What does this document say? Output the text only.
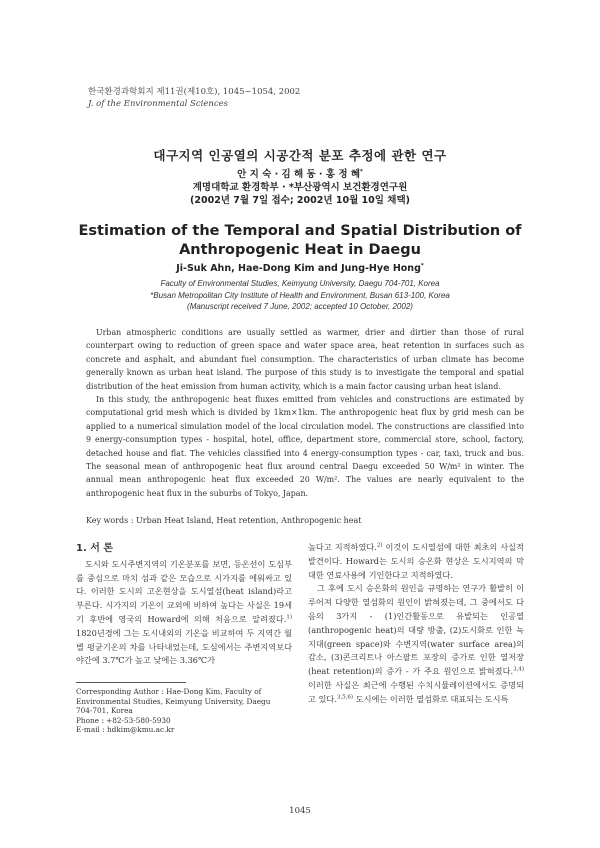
한국환경과학회지 제11권(제10호), 1045~1054, 2002
J. of the Environmental Sciences
대구지역 인공열의 시공간적 분포 추정에 관한 연구
안 지 숙 · 김 해 동 · 홍 정 혜*
계명대학교 환경학부 · *부산광역시 보건환경연구원
(2002년 7월 7일 접수; 2002년 10월 10일 채택)
Estimation of the Temporal and Spatial Distribution of
Anthropogenic Heat in Daegu
Ji-Suk Ahn, Hae-Dong Kim and Jung-Hye Hong*
Faculty of Environmental Studies, Keimyung University, Daegu 704-701, Korea
*Busan Metropolitan City Institute of Health and Environment, Busan 613-100, Korea
(Manuscript received 7 June, 2002; accepted 10 October, 2002)

Urban atmospheric conditions are usually settled as warmer, drier and dirtier than those of rural counterpart owing to reduction of green space and water space area, heat retention in surfaces such as concrete and asphalt, and abundant fuel consumption. The characteristics of urban climate has become generally known as urban heat island. The purpose of this study is to investigate the temporal and spatial distribution of the heat emission from human activity, which is a main factor causing urban heat island.

In this study, the anthropogenic heat fluxes emitted from vehicles and constructions are estimated by computational grid mesh which is divided by 1km×1km. The anthropogenic heat flux by grid mesh can be applied to a numerical simulation model of the local circulation model. The constructions are classified into 9 energy-consumption types - hospital, hotel, office, department store, commercial store, school, factory, detached house and flat. The vehicles classified into 4 energy-consumption types - car, taxi, truck and bus. The seasonal mean of anthropogenic heat flux around central Daegu exceeded 50 W/m² in winter. The annual mean anthropogenic heat flux exceeded 20 W/m². The values are nearly equivalent to the anthropogenic heat flux in the suburbs of Tokyo, Japan.

Key words : Urban Heat Island, Heat retention, Anthropogenic heat
1. 서 론

도시와 도시주변지역의 기온분포를 보면, 등온선이 도심부를 중심으로 마치 섬과 같은 모습으로 시가지를 에워싸고 있다. 이러한 도시의 고온현상을 도시열섬(heat island)라고 부른다. 시가지의 기온이 교외에 비하여 높다는 사실은 19세기 후반에 영국의 Howard에 의해 처음으로 알려졌다.$^{1)}$ 1820년경에 그는 도시내외의 기온을 비교하여 두 지역간 월별 평균기온의 차를 나타내었는데, 도심에서는 주변지역보다 야간에 3.7℃가 높고 낮에는 3.36℃가

Corresponding Author : Hae-Dong Kim, Faculty of Environmental Studies, Keimyung University, Daegu 704-701, Korea
Phone : +82-53-580-5930
E-mail : hdkim@kmu.ac.kr

높다고 지적하였다.$^{2)}$ 이것이 도시열섬에 대한 최초의 사실적 발견이다. Howard는 도시의 승온화 현상은 도시지역의 막대한 연료사용에 기인한다고 지적하였다.

그 후에 도시 승온화의 원인을 규명하는 연구가 활발히 이루어져 다양한 열섬화의 원인이 밝혀졌는데, 그 중에서도 다음의 3가지 - (1)인간활동으로 유발되는 인공열(anthropogenic heat)의 대량 방출, (2)도시화로 인한 녹지대(green space)와 수변지역(water surface area)의 감소, (3)콘크리트나 아스팔트 포장의 증가로 인한 열저장(heat retention)의 증가 - 가 주요 원인으로 밝혀졌다.$^{3,4)}$ 이러한 사실은 최근에 수행된 수치시뮬레이션에서도 증명되고 있다.$^{3,5,6)}$ 도시에는 이러한 열섬화로 대표되는 도시특

1045
